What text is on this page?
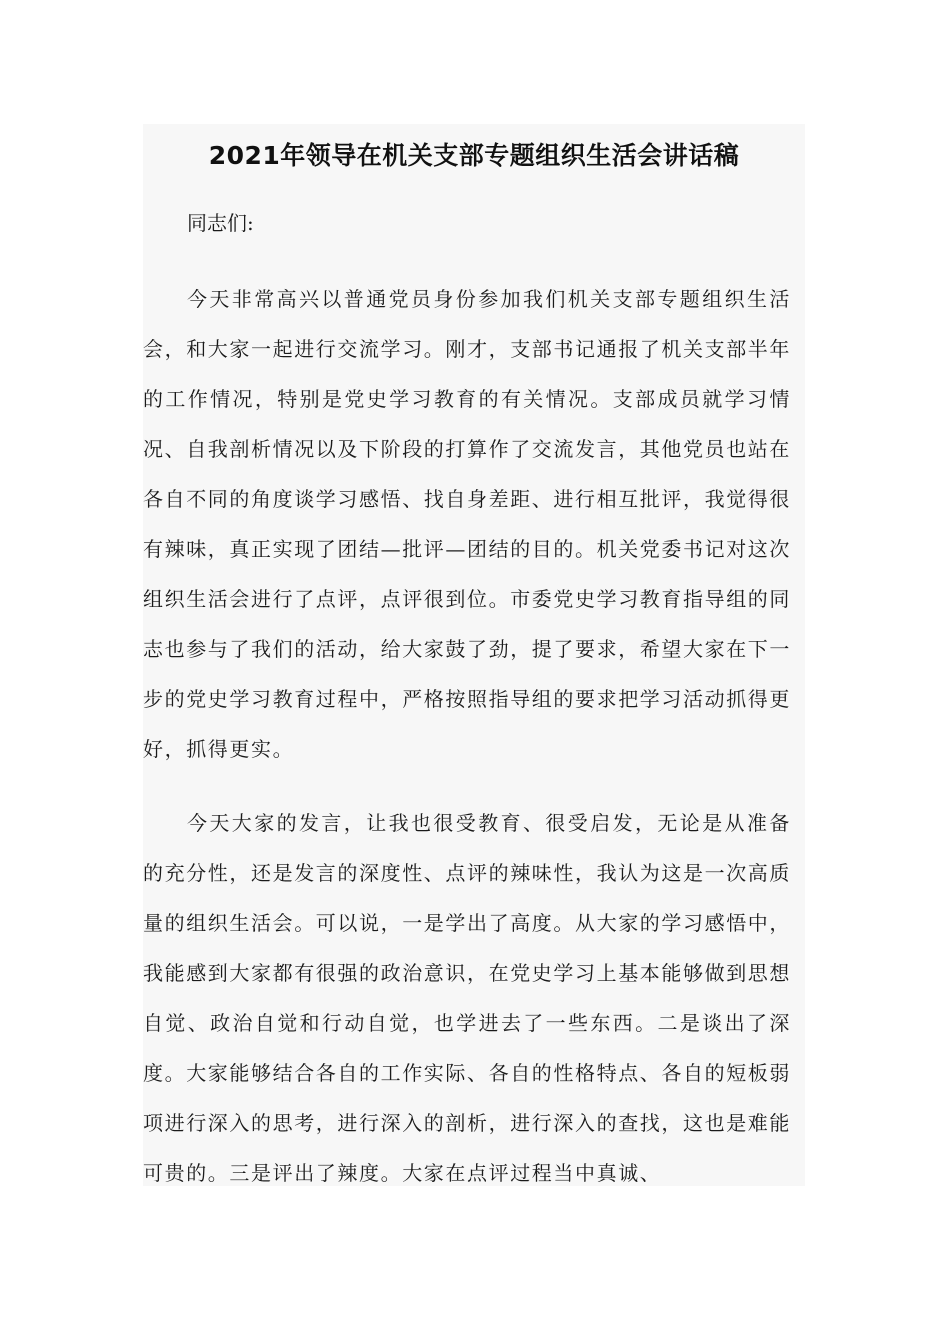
2021年领导在机关支部专题组织生活会讲话稿

同志们:

今天非常高兴以普通党员身份参加我们机关支部专题组织生活会，和大家一起进行交流学习。刚才，支部书记通报了机关支部半年的工作情况，特别是党史学习教育的有关情况。支部成员就学习情况、自我剖析情况以及下阶段的打算作了交流发言，其他党员也站在各自不同的角度谈学习感悟、找自身差距、进行相互批评，我觉得很有辣味，真正实现了团结—批评—团结的目的。机关党委书记对这次组织生活会进行了点评，点评很到位。市委党史学习教育指导组的同志也参与了我们的活动，给大家鼓了劲，提了要求，希望大家在下一步的党史学习教育过程中，严格按照指导组的要求把学习活动抓得更好，抓得更实。

今天大家的发言，让我也很受教育、很受启发，无论是从准备的充分性，还是发言的深度性、点评的辣味性，我认为这是一次高质量的组织生活会。可以说，一是学出了高度。从大家的学习感悟中，我能感到大家都有很强的政治意识，在党史学习上基本能够做到思想自觉、政治自觉和行动自觉，也学进去了一些东西。二是谈出了深度。大家能够结合各自的工作实际、各自的性格特点、各自的短板弱项进行深入的思考，进行深入的剖析，进行深入的查找，这也是难能可贵的。三是评出了辣度。大家在点评过程当中真诚、
